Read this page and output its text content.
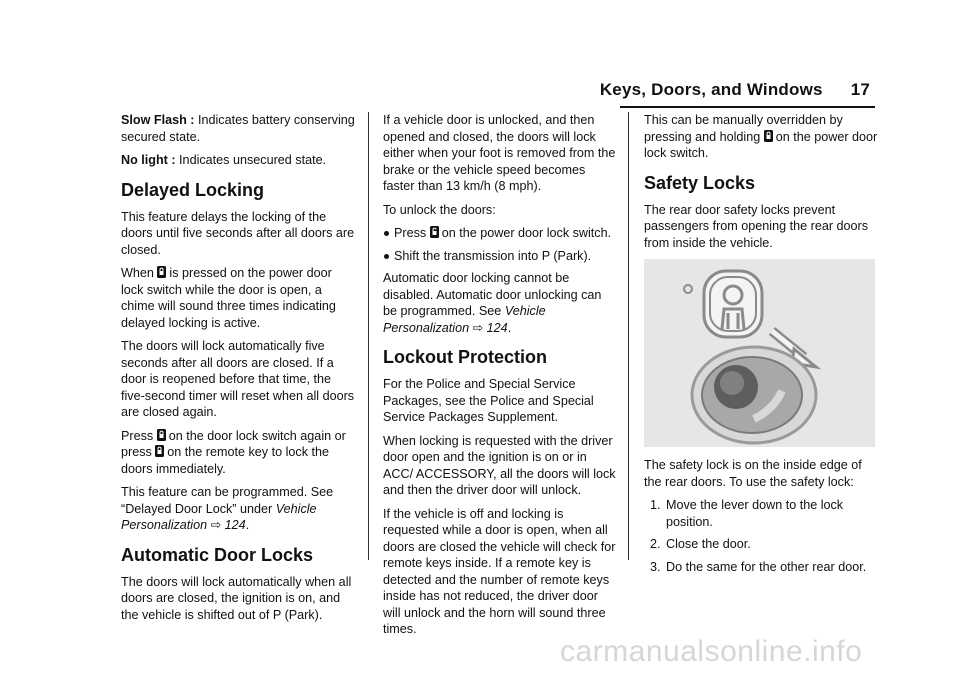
Keys, Doors, and Windows 17

Slow Flash : Indicates battery conserving secured state.

No light : Indicates unsecured state.

Delayed Locking

This feature delays the locking of the doors until five seconds after all doors are closed.

When is pressed on the power door lock switch while the door is open, a chime will sound three times indicating delayed locking is active.

The doors will lock automatically five seconds after all doors are closed. If a door is reopened before that time, the five-second timer will reset when all doors are closed again.

Press on the door lock switch again or press on the remote key to lock the doors immediately.

This feature can be programmed. See “Delayed Door Lock” under Vehicle Personalization ⇨ 124.

Automatic Door Locks

The doors will lock automatically when all doors are closed, the ignition is on, and the vehicle is shifted out of P (Park).

If a vehicle door is unlocked, and then opened and closed, the doors will lock either when your foot is removed from the brake or the vehicle speed becomes faster than 13 km/h (8 mph).

To unlock the doors:

Press on the power door lock switch.
Shift the transmission into P (Park).

Automatic door locking cannot be disabled. Automatic door unlocking can be programmed. See Vehicle Personalization ⇨ 124.

Lockout Protection

For the Police and Special Service Packages, see the Police and Special Service Packages Supplement.

When locking is requested with the driver door open and the ignition is on or in ACC/ ACCESSORY, all the doors will lock and then the driver door will unlock.

If the vehicle is off and locking is requested while a door is open, when all doors are closed the vehicle will check for remote keys inside. If a remote key is detected and the number of remote keys inside has not reduced, the driver door will unlock and the horn will sound three times.

This can be manually overridden by pressing and holding on the power door lock switch.

Safety Locks

The rear door safety locks prevent passengers from opening the rear doors from inside the vehicle.

The safety lock is on the inside edge of the rear doors. To use the safety lock:

1. Move the lever down to the lock position.
2. Close the door.
3. Do the same for the other rear door.
carmanualsonline.info
